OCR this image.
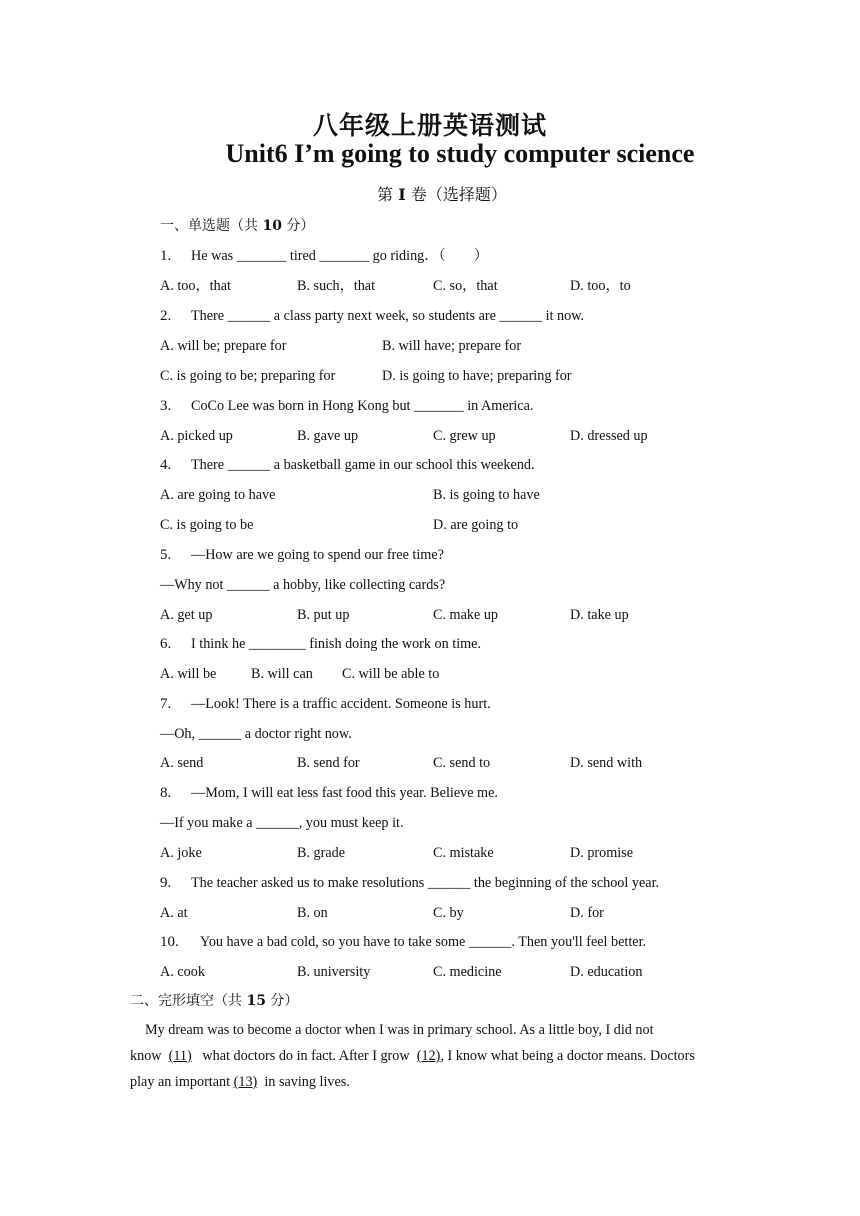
八年级上册英语测试
Unit6 I’m going to study computer science
第 I 卷（选择题）
一、单选题（共 10 分）
1. He was _______ tired _______ go riding．（　　）
A. too，that	B. such，that	C. so，that	D. too，to
2. There ______ a class party next week, so students are ______ it now.
A. will be; prepare for	B. will have; prepare for
C. is going to be; preparing for	D. is going to have; preparing for
3. CoCo Lee was born in Hong Kong but _______ in America.
A. picked up	B. gave up	C. grew up	D. dressed up
4. There ______ a basketball game in our school this weekend.
A. are going to have	B. is going to have
C. is going to be	D. are going to
5. —How are we going to spend our free time?
—Why not ______ a hobby, like collecting cards?
A. get up	B. put up	C. make up	D. take up
6. I think he ________ finish doing the work on time.
A. will be B. will can C. will be able to
7. —Look! There is a traffic accident. Someone is hurt.
—Oh, ______ a doctor right now.
A. send	B. send for	C. send to	D. send with
8. —Mom, I will eat less fast food this year. Believe me.
—If you make a ______, you must keep it.
A. joke	B. grade	C. mistake	D. promise
9. The teacher asked us to make resolutions ______ the beginning of the school year.
A. at	B. on	C. by	D. for
10. You have a bad cold, so you have to take some ______. Then you'll feel better.
A. cook	B. university	C. medicine	D. education
二、完形填空（共 15 分）
My dream was to become a doctor when I was in primary school. As a little boy, I did not know (11) what doctors do in fact. After I grow (12), I know what being a doctor means. Doctors play an important (13) in saving lives.
